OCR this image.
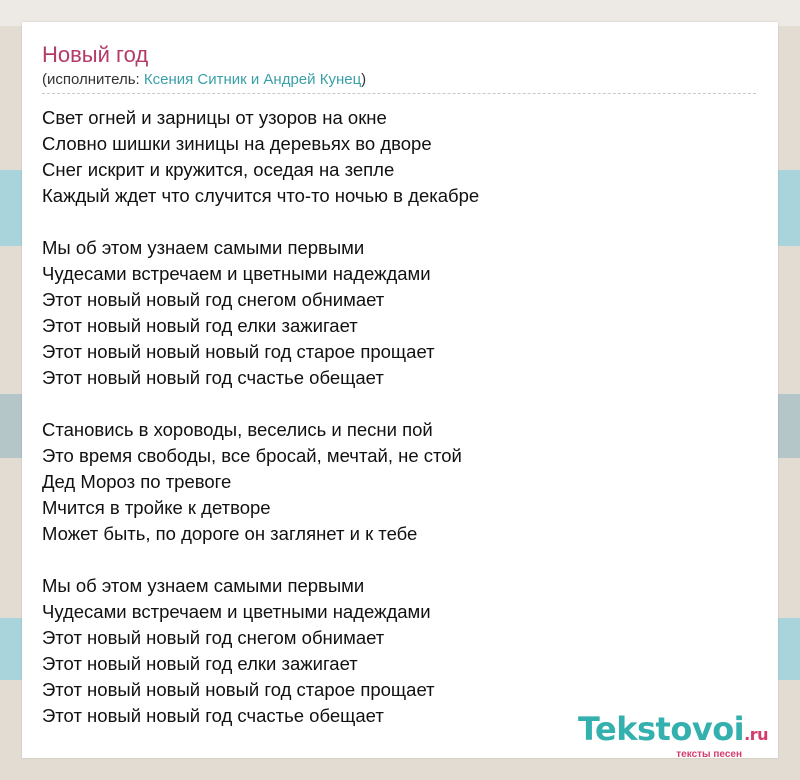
Новый год
(исполнитель: Ксения Ситник и Андрей Кунец)
Свет огней и зарницы от узоров на окне
Словно шишки зиницы на деревьях во дворе
Снег искрит и кружится, оседая на зепле
Каждый ждет что случится что-то ночью в декабре
Мы об этом узнаем самыми первыми
Чудесами встречаем и цветными надеждами
Этот новый новый год снегом обнимает
Этот новый новый год елки зажигает
Этот новый новый новый год старое прощает
Этот новый новый год счастье обещает
Становись в хороводы, веселись и песни пой
Это время свободы, все бросай, мечтай, не стой
Дед Мороз по тревоге
Мчится в тройке к детворе
Может быть, по дороге он заглянет и к тебе
Мы об этом узнаем самыми первыми
Чудесами встречаем и цветными надеждами
Этот новый новый год снегом обнимает
Этот новый новый год елки зажигает
Этот новый новый новый год старое прощает
Этот новый новый год счастье обещает	Tekstovoi.ru
тексты песен
